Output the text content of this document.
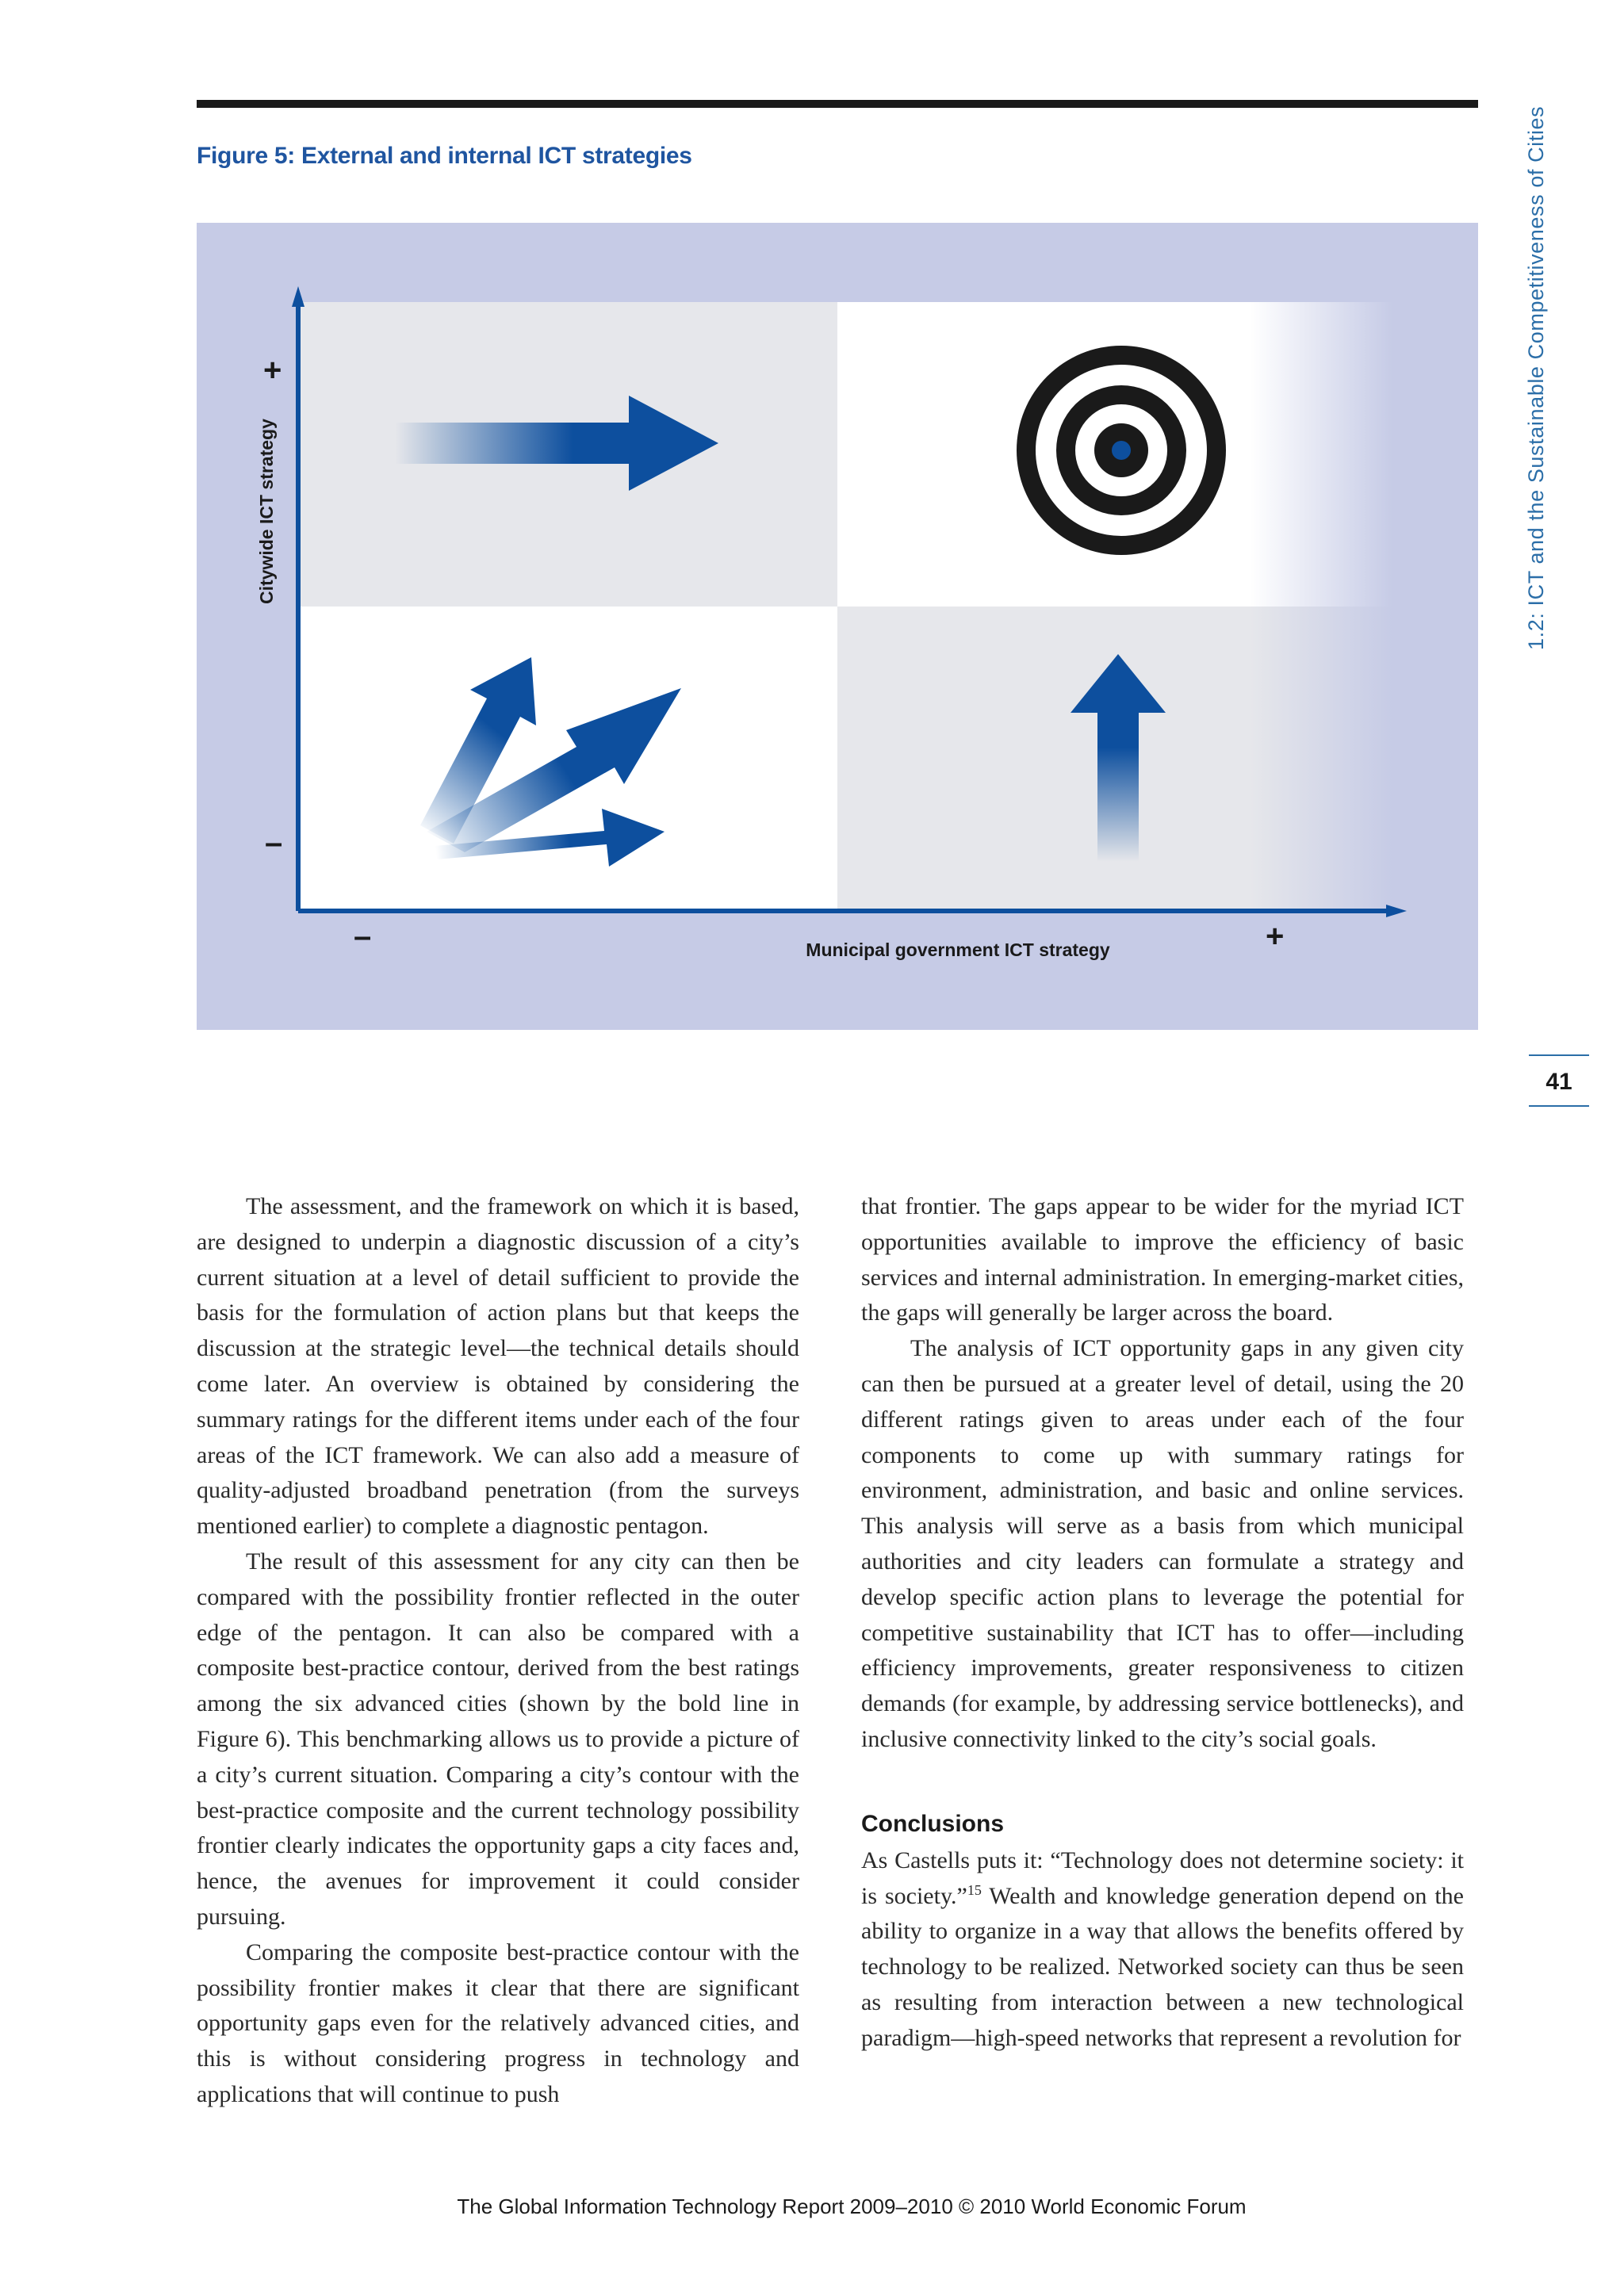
Figure 5: External and internal ICT strategies
+
–
–	+
Municipal government ICT strategy
Citywide ICT strategy	1.2: ICT and the Sustainable Competitiveness of Cities
41

The assessment, and the framework on which it is based, are designed to underpin a diagnostic discussion of a city’s current situation at a level of detail sufficient to provide the basis for the formulation of action plans but that keeps the discussion at the strategic level—the technical details should come later. An overview is obtained by considering the summary ratings for the different items under each of the four areas of the ICT framework. We can also add a measure of quality-adjusted broadband penetration (from the surveys mentioned earlier) to complete a diagnostic pentagon.

The result of this assessment for any city can then be compared with the possibility frontier reflected in the outer edge of the pentagon. It can also be compared with a composite best-practice contour, derived from the best ratings among the six advanced cities (shown by the bold line in Figure 6). This benchmarking allows us to provide a picture of a city’s current situation. Comparing a city’s contour with the best-practice composite and the current technology possibility frontier clearly indicates the opportunity gaps a city faces and, hence, the avenues for improvement it could consider pursuing.

Comparing the composite best-practice contour with the possibility frontier makes it clear that there are significant opportunity gaps even for the relatively advanced cities, and this is without considering progress in technology and applications that will continue to push

that frontier. The gaps appear to be wider for the myriad ICT opportunities available to improve the efficiency of basic services and internal administration. In emerging-market cities, the gaps will generally be larger across the board.

The analysis of ICT opportunity gaps in any given city can then be pursued at a greater level of detail, using the 20 different ratings given to areas under each of the four components to come up with summary ratings for environment, administration, and basic and online services. This analysis will serve as a basis from which municipal authorities and city leaders can formulate a strategy and develop specific action plans to leverage the potential for competitive sustainability that ICT has to offer—including efficiency improvements, greater responsiveness to citizen demands (for example, by addressing service bottlenecks), and inclusive connectivity linked to the city’s social goals.

Conclusions

As Castells puts it: “Technology does not determine society: it is society.”$^{15}$ Wealth and knowledge generation depend on the ability to organize in a way that allows the benefits offered by technology to be realized. Networked society can thus be seen as resulting from interaction between a new technological paradigm—high-speed networks that represent a revolution for

The Global Information Technology Report 2009–2010 © 2010 World Economic Forum
